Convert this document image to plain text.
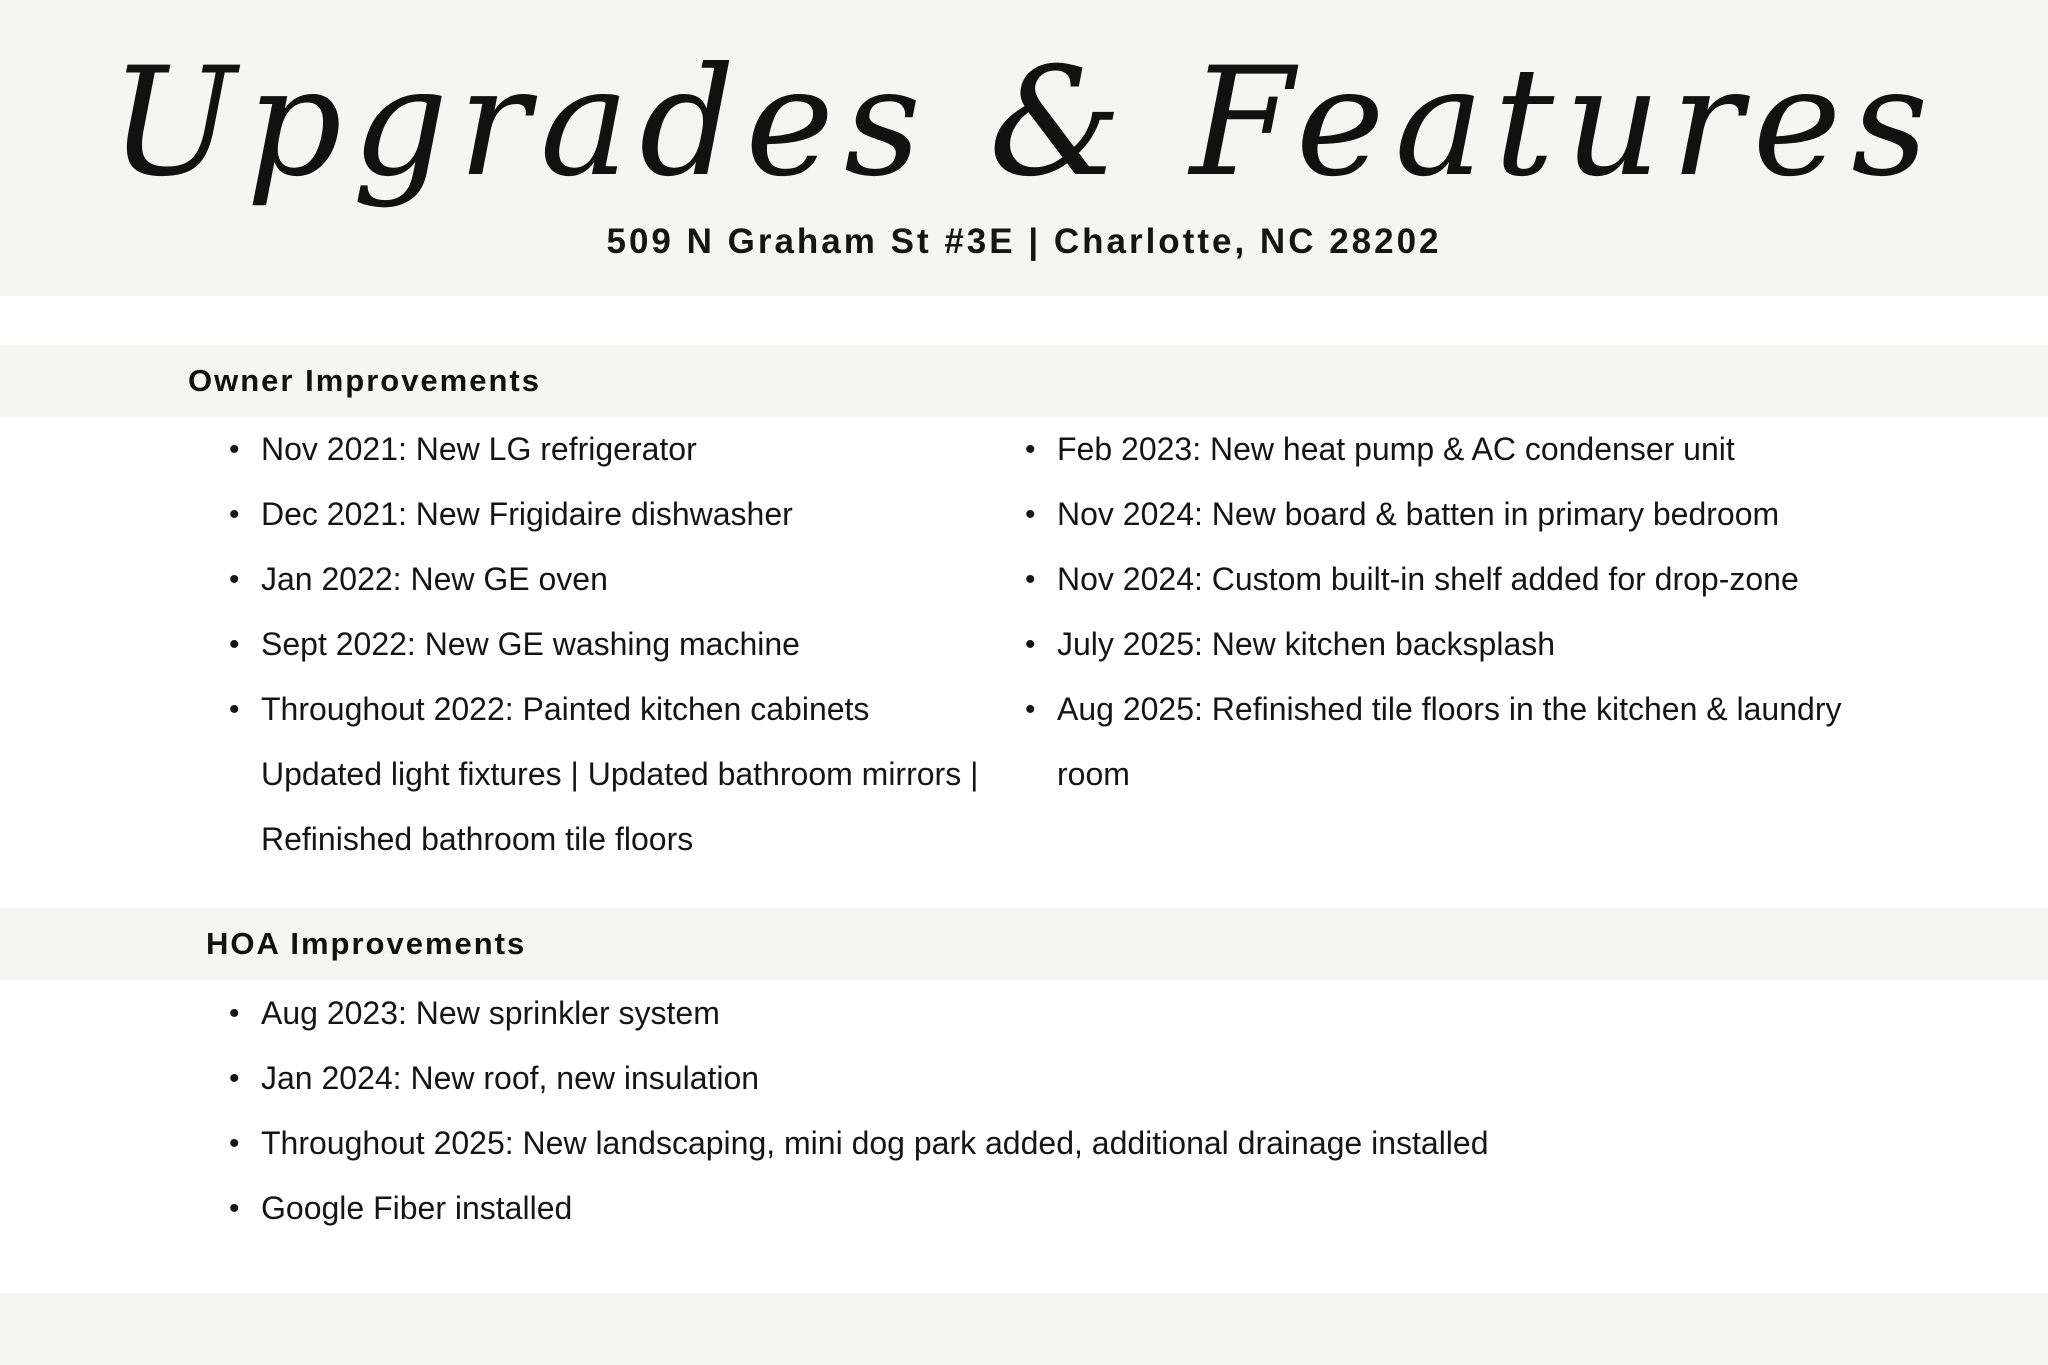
Upgrades & Features
509 N Graham St #3E | Charlotte, NC 28202
Owner Improvements
• Nov 2021: New LG refrigerator
• Dec 2021: New Frigidaire dishwasher
• Jan 2022: New GE oven
• Sept 2022: New GE washing machine
• Throughout 2022: Painted kitchen cabinets Updated light fixtures | Updated bathroom mirrors | Refinished bathroom tile floors
• Feb 2023: New heat pump & AC condenser unit
• Nov 2024: New board & batten in primary bedroom
• Nov 2024: Custom built-in shelf added for drop-zone
• July 2025: New kitchen backsplash
• Aug 2025: Refinished tile floors in the kitchen & laundry room
HOA Improvements
• Aug 2023: New sprinkler system
• Jan 2024: New roof, new insulation
• Throughout 2025: New landscaping, mini dog park added, additional drainage installed
• Google Fiber installed
